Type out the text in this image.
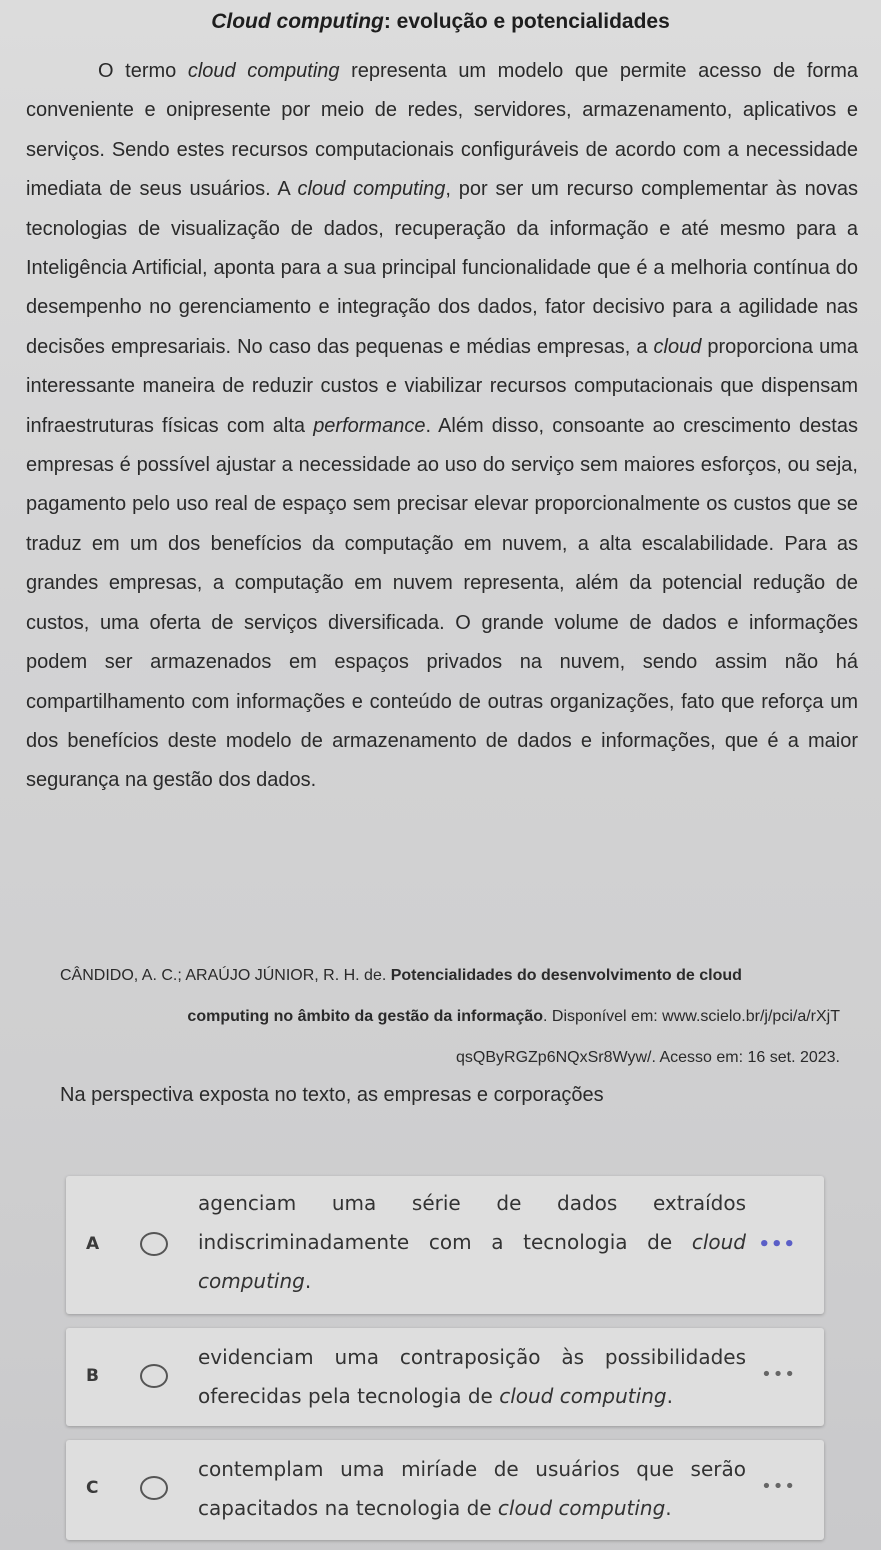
Cloud computing: evolução e potencialidades

O termo cloud computing representa um modelo que permite acesso de forma conveniente e onipresente por meio de redes, servidores, armazenamento, aplicativos e serviços. Sendo estes recursos computacionais configuráveis de acordo com a necessidade imediata de seus usuários. A cloud computing, por ser um recurso complementar às novas tecnologias de visualização de dados, recuperação da informação e até mesmo para a Inteligência Artificial, aponta para a sua principal funcionalidade que é a melhoria contínua do desempenho no gerenciamento e integração dos dados, fator decisivo para a agilidade nas decisões empresariais. No caso das pequenas e médias empresas, a cloud proporciona uma interessante maneira de reduzir custos e viabilizar recursos computacionais que dispensam infraestruturas físicas com alta performance. Além disso, consoante ao crescimento destas empresas é possível ajustar a necessidade ao uso do serviço sem maiores esforços, ou seja, pagamento pelo uso real de espaço sem precisar elevar proporcionalmente os custos que se traduz em um dos benefícios da computação em nuvem, a alta escalabilidade. Para as grandes empresas, a computação em nuvem representa, além da potencial redução de custos, uma oferta de serviços diversificada. O grande volume de dados e informações podem ser armazenados em espaços privados na nuvem, sendo assim não há compartilhamento com informações e conteúdo de outras organizações, fato que reforça um dos benefícios deste modelo de armazenamento de dados e informações, que é a maior segurança na gestão dos dados.

CÂNDIDO, A. C.; ARAÚJO JÚNIOR, R. H. de. Potencialidades do desenvolvimento de cloud
computing no âmbito da gestão da informação. Disponível em: www.scielo.br/j/pci/a/rXjT
qsQByRGZp6NQxSr8Wyw/. Acesso em: 16 set. 2023.
Na perspectiva exposta no texto, as empresas e corporações
A
agenciam uma série de dados extraídos indiscriminadamente com a tecnologia de cloud computing.
•••
B
evidenciam uma contraposição às possibilidades oferecidas pela tecnologia de cloud computing.
•••
C
contemplam uma miríade de usuários que serão capacitados na tecnologia de cloud computing.
•••
